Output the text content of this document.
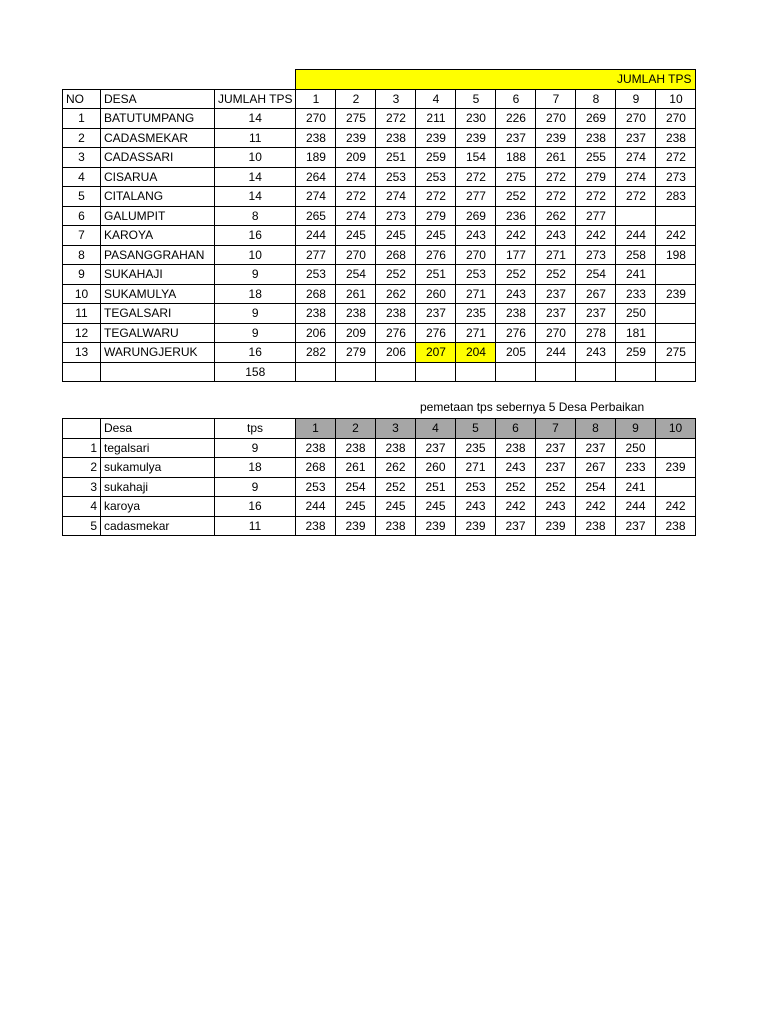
			JUMLAH TPS									
NO	DESA	JUMLAH TPS	1	2	3	4	5	6	7	8	9	10
1	BATUTUMPANG	14	270	275	272	211	230	226	270	269	270	270
2	CADASMEKAR	11	238	239	238	239	239	237	239	238	237	238
3	CADASSARI	10	189	209	251	259	154	188	261	255	274	272
4	CISARUA	14	264	274	253	253	272	275	272	279	274	273
5	CITALANG	14	274	272	274	272	277	252	272	272	272	283
6	GALUMPIT	8	265	274	273	279	269	236	262	277		
7	KAROYA	16	244	245	245	245	243	242	243	242	244	242
8	PASANGGRAHAN	10	277	270	268	276	270	177	271	273	258	198
9	SUKAHAJI	9	253	254	252	251	253	252	252	254	241	
10	SUKAMULYA	18	268	261	262	260	271	243	237	267	233	239
11	TEGALSARI	9	238	238	238	237	235	238	237	237	250	
12	TEGALWARU	9	206	209	276	276	271	276	270	278	181	
13	WARUNGJERUK	16	282	279	206	207	204	205	244	243	259	275
		158										
pemetaan tps sebernya 5 Desa Perbaikan
	Desa	tps	1	2	3	4	5	6	7	8	9	10
1	tegalsari	9	238	238	238	237	235	238	237	237	250	
2	sukamulya	18	268	261	262	260	271	243	237	267	233	239
3	sukahaji	9	253	254	252	251	253	252	252	254	241	
4	karoya	16	244	245	245	245	243	242	243	242	244	242
5	cadasmekar	11	238	239	238	239	239	237	239	238	237	238
